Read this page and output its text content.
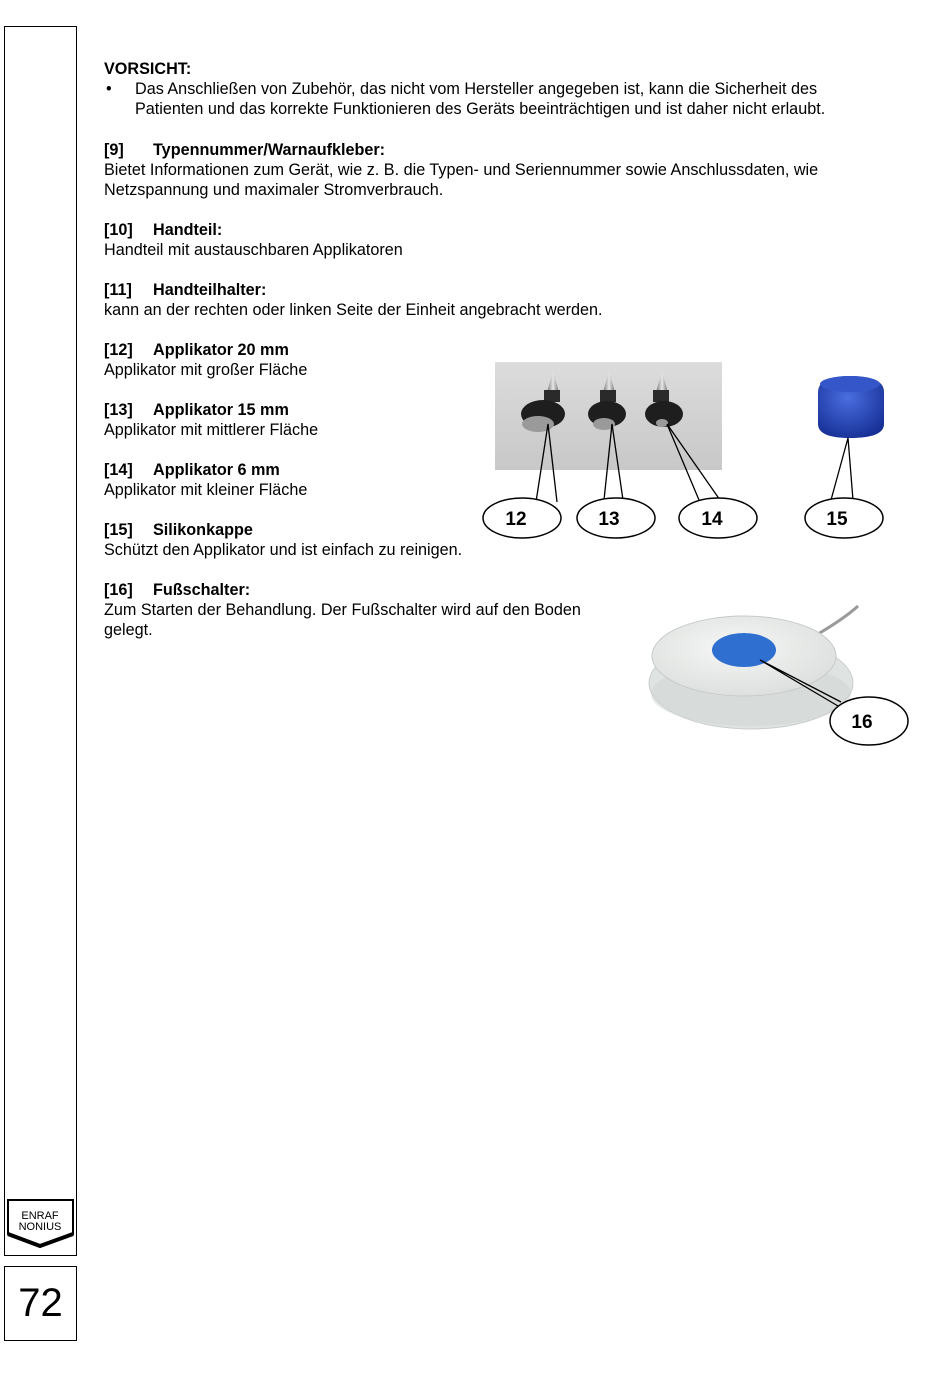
ENRAF
NONIUS
72
VORSICHT:
• Das Anschließen von Zubehör, das nicht vom Hersteller angegeben ist, kann die Sicherheit des
Patienten und das korrekte Funktionieren des Geräts beeinträchtigen und ist daher nicht erlaubt.
[9] Typennummer/Warnaufkleber:
Bietet Informationen zum Gerät, wie z. B. die Typen- und Seriennummer sowie Anschlussdaten, wie
Netzspannung und maximaler Stromverbrauch.
[10] Handteil:
Handteil mit austauschbaren Applikatoren
[11] Handteilhalter:
kann an der rechten oder linken Seite der Einheit angebracht werden.
[12] Applikator 20 mm
Applikator mit großer Fläche
[13] Applikator 15 mm
Applikator mit mittlerer Fläche
[14] Applikator 6 mm
Applikator mit kleiner Fläche
[15] Silikonkappe
Schützt den Applikator und ist einfach zu reinigen.
[16] Fußschalter:
Zum Starten der Behandlung. Der Fußschalter wird auf den Boden
gelegt.
12	13	14	15
16
